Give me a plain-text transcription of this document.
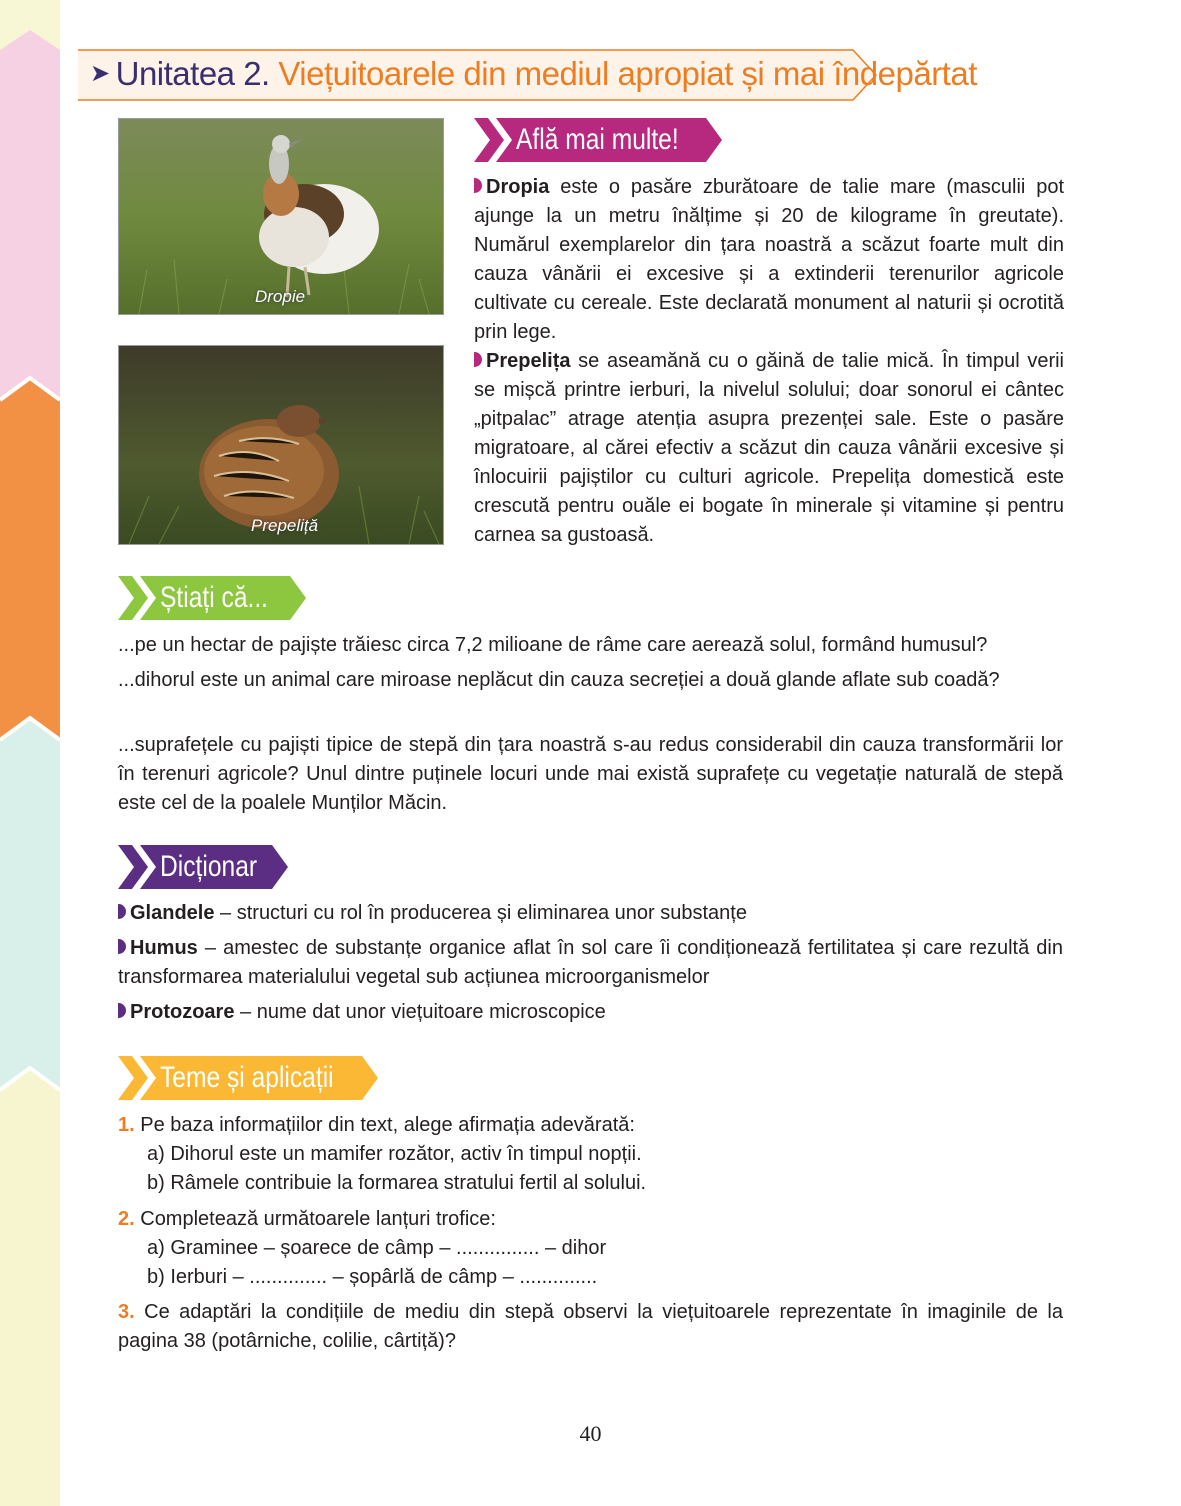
➤ Unitatea 2. Viețuitoarele din mediul apropiat și mai îndepărtat
Dropie
Prepeliță
Află mai multe!
Dropia este o pasăre zburătoare de talie mare (masculii pot ajunge la un metru înălțime și 20 de kilograme în greutate). Numărul exemplarelor din țara noastră a scăzut foarte mult din cauza vânării ei excesive și a extinderii terenurilor agricole cultivate cu cereale. Este declarată monument al naturii și ocrotită prin lege.
Prepelița se aseamănă cu o găină de talie mică. În timpul verii se mișcă printre ierburi, la nivelul solului; doar sonorul ei cântec „pitpalac” atrage atenția asupra prezenței sale. Este o pasăre migratoare, al cărei efectiv a scăzut din cauza vânării excesive și înlocuirii pajiștilor cu culturi agricole. Prepelița domestică este crescută pentru ouăle ei bogate în minerale și vitamine și pentru carnea sa gustoasă.
Știați că...
...pe un hectar de pajiște trăiesc circa 7,2 milioane de râme care aerează solul, formând humusul?
...dihorul este un animal care miroase neplăcut din cauza secreției a două glande aflate sub coadă?
...suprafețele cu pajiști tipice de stepă din țara noastră s-au redus considerabil din cauza transformării lor în terenuri agricole? Unul dintre puținele locuri unde mai există suprafețe cu vegetație naturală de stepă este cel de la poalele Munților Măcin.
Dicționar
Glandele – structuri cu rol în producerea și eliminarea unor substanțe
Humus – amestec de substanțe organice aflat în sol care îi condiționează fertilitatea și care rezultă din transformarea materialului vegetal sub acțiunea microorganismelor
Protozoare – nume dat unor viețuitoare microscopice
Teme și aplicații
1. Pe baza informațiilor din text, alege afirmația adevărată:
a) Dihorul este un mamifer rozător, activ în timpul nopții.
b) Râmele contribuie la formarea stratului fertil al solului.
2. Completează următoarele lanțuri trofice:
a) Graminee – șoarece de câmp – ............... – dihor
b) Ierburi – .............. – șopârlă de câmp – ..............
3. Ce adaptări la condițiile de mediu din stepă observi la viețuitoarele reprezentate în imaginile de la pagina 38 (potârniche, colilie, cârtiță)?
40
